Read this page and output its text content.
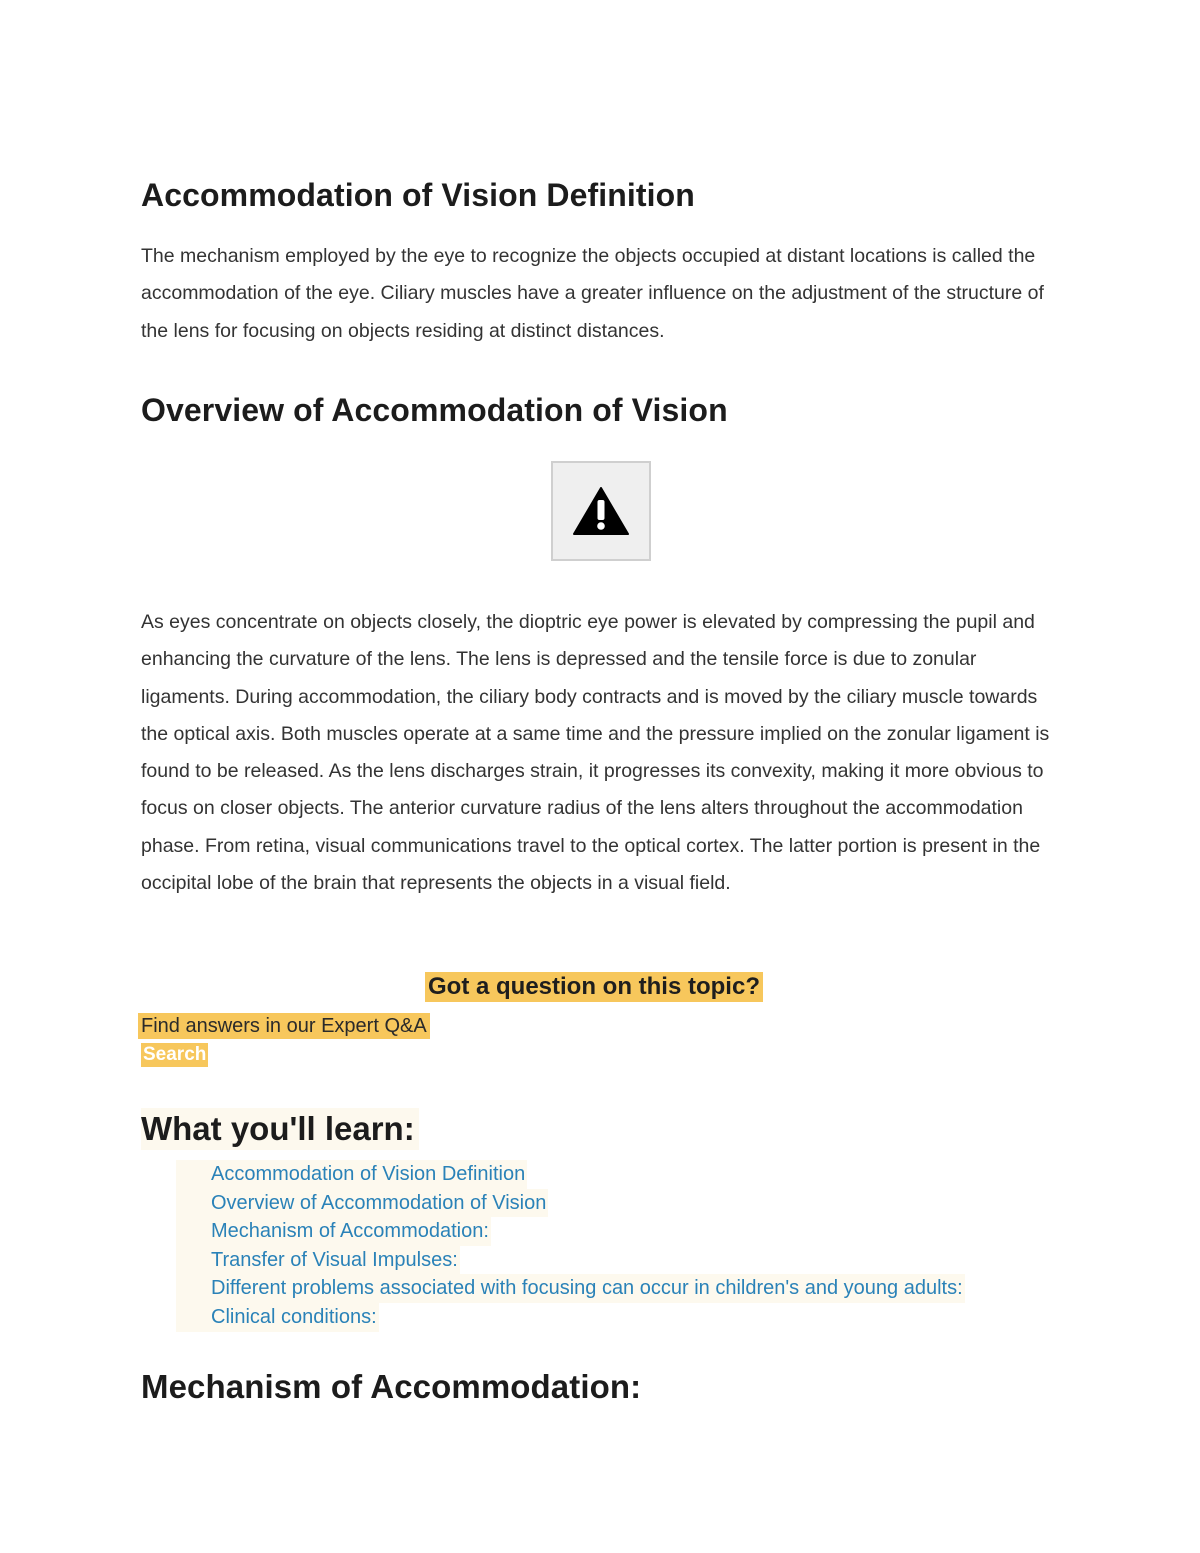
Accommodation of Vision Definition

The mechanism employed by the eye to recognize the objects occupied at distant locations is called the accommodation of the eye. Ciliary muscles have a greater influence on the adjustment of the structure of the lens for focusing on objects residing at distinct distances.

Overview of Accommodation of Vision

As eyes concentrate on objects closely, the dioptric eye power is elevated by compressing the pupil and enhancing the curvature of the lens. The lens is depressed and the tensile force is due to zonular ligaments. During accommodation, the ciliary body contracts and is moved by the ciliary muscle towards the optical axis. Both muscles operate at a same time and the pressure implied on the zonular ligament is found to be released. As the lens discharges strain, it progresses its convexity, making it more obvious to focus on closer objects. The anterior curvature radius of the lens alters throughout the accommodation phase. From retina, visual communications travel to the optical cortex. The latter portion is present in the occipital lobe of the brain that represents the objects in a visual field.

Got a question on this topic?
Find answers in our Expert Q&A
Search
What you'll learn:
Accommodation of Vision Definition
Overview of Accommodation of Vision
Mechanism of Accommodation:
Transfer of Visual Impulses:
Different problems associated with focusing can occur in children's and young adults:
Clinical conditions:
Mechanism of Accommodation:
